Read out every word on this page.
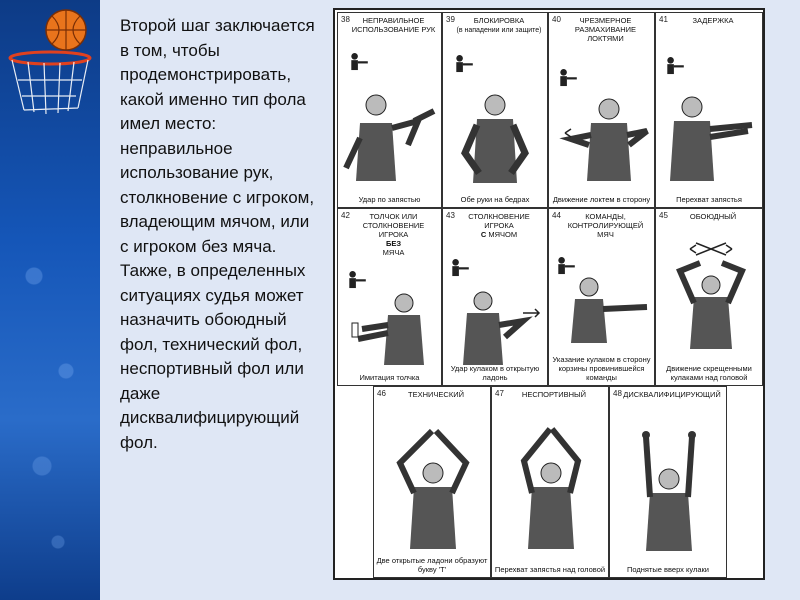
Второй шаг заключается в том, чтобы продемонстрировать, какой именно тип фола имел место: неправильное использование рук, столкновение с игроком, владеющим мячом, или с игроком без мяча. Также, в определенных ситуациях судья может назначить обоюдный фол, технический фол, неспортивный фол или даже дисквалифицирующий фол.

38	НЕПРАВИЛЬНОЕ ИСПОЛЬЗОВАНИЕ РУК
Удар по запястью
39	БЛОКИРОВКА
(в нападении или защите)
Обе руки на бедрах
40	ЧРЕЗМЕРНОЕ РАЗМАХИВАНИЕ ЛОКТЯМИ
Движение локтем в сторону
41	ЗАДЕРЖКА
Перехват запястья
42	ТОЛЧОК ИЛИ СТОЛКНОВЕНИЕ ИГРОКА
БЕЗ
МЯЧА
Имитация толчка
43	СТОЛКНОВЕНИЕ ИГРОКА
С МЯЧОМ
Удар кулаком в открытую ладонь
44	КОМАНДЫ, КОНТРОЛИРУЮЩЕЙ МЯЧ
Указание кулаком в сторону корзины провинившейся команды
45	ОБОЮДНЫЙ
Движение скрещенными кулаками над головой
46	ТЕХНИЧЕСКИЙ
Две открытые ладони образуют букву 'Т'
47	НЕСПОРТИВНЫЙ
Перехват запястья над головой
48 ДИСКВАЛИФИЦИРУЮЩИЙ
Поднятые вверх кулаки
